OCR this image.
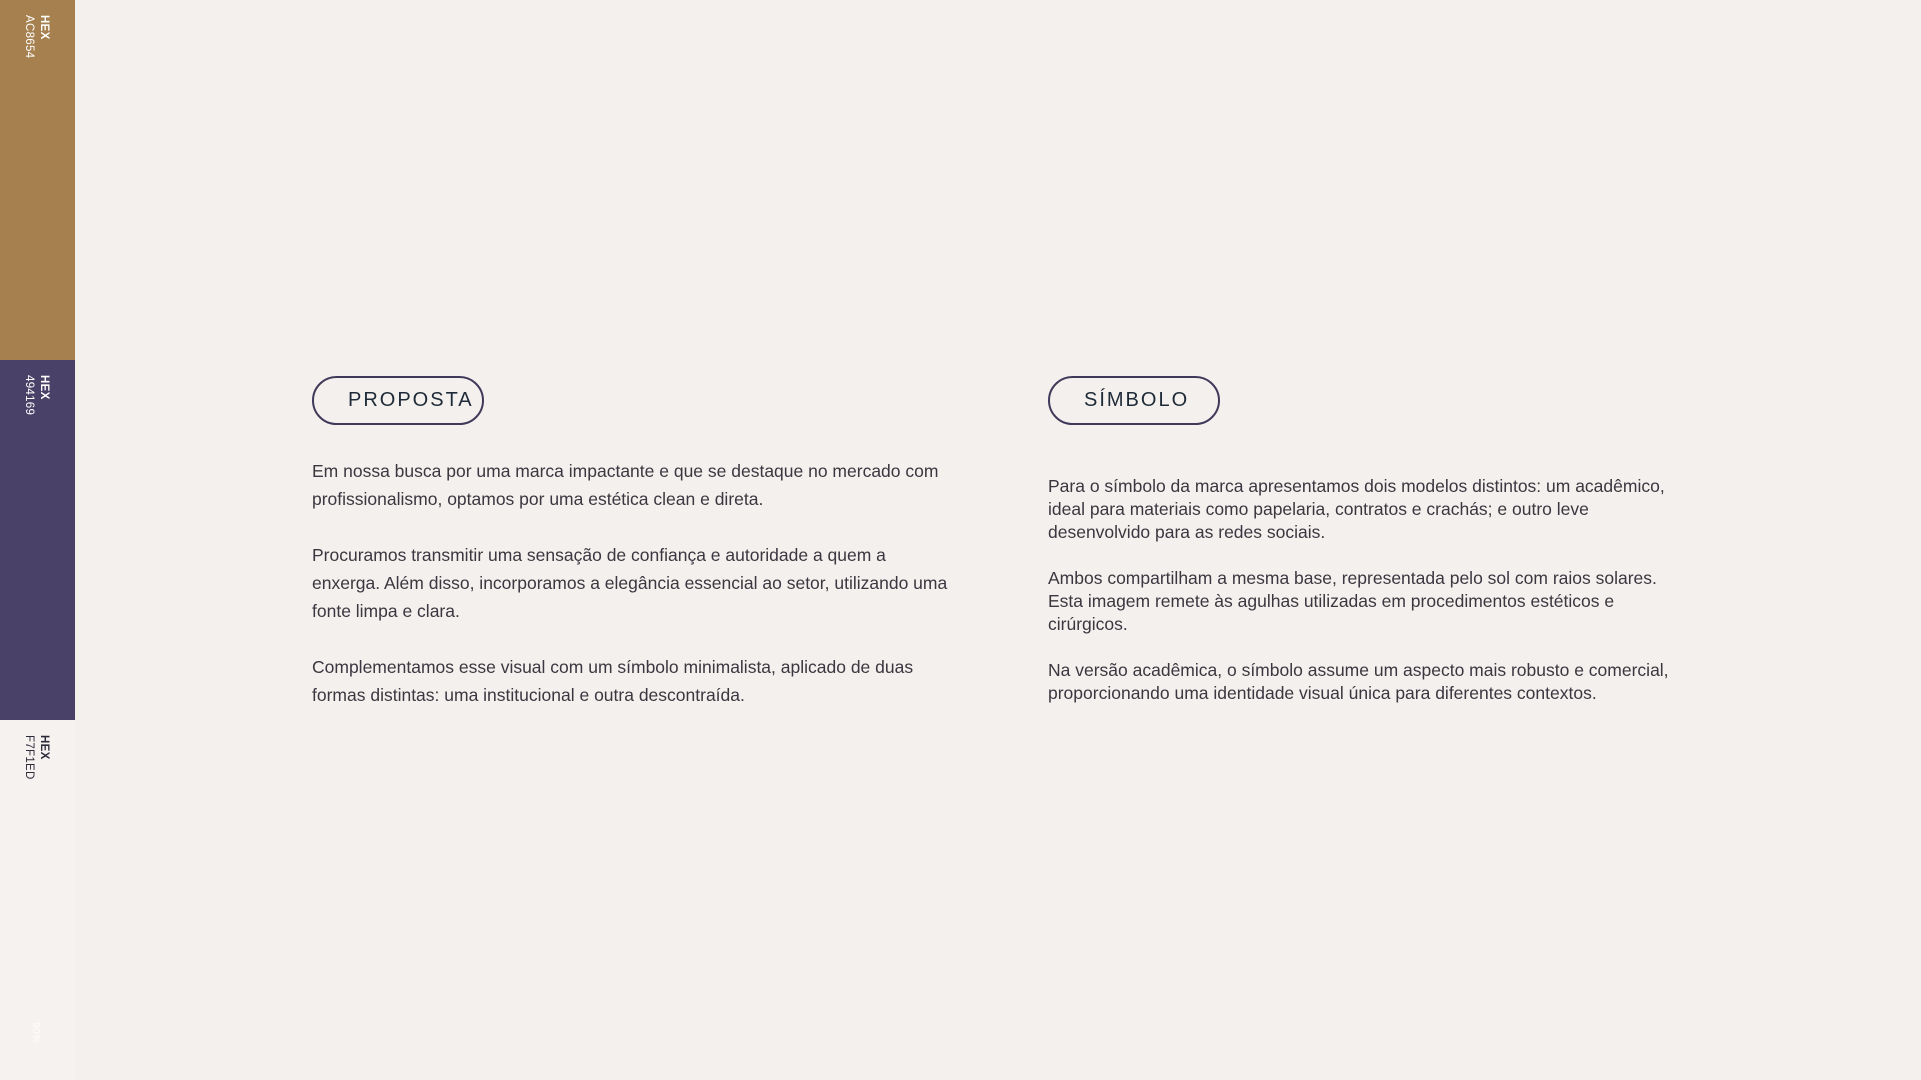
HEX
AC8654
HEX
494169
HEX
F7F1ED
90%
PROPOSTA

Em nossa busca por uma marca impactante e que se destaque no mercado com profissionalismo, optamos por uma estética clean e direta.

Procuramos transmitir uma sensação de confiança e autoridade a quem a enxerga. Além disso, incorporamos a elegância essencial ao setor, utilizando uma fonte limpa e clara.

Complementamos esse visual com um símbolo minimalista, aplicado de duas formas distintas: uma institucional e outra descontraída.

SÍMBOLO

Para o símbolo da marca apresentamos dois modelos distintos: um acadêmico, ideal para materiais como papelaria, contratos e crachás; e outro leve desenvolvido para as redes sociais.

Ambos compartilham a mesma base, representada pelo sol com raios solares. Esta imagem remete às agulhas utilizadas em procedimentos estéticos e cirúrgicos.

Na versão acadêmica, o símbolo assume um aspecto mais robusto e comercial, proporcionando uma identidade visual única para diferentes contextos.
